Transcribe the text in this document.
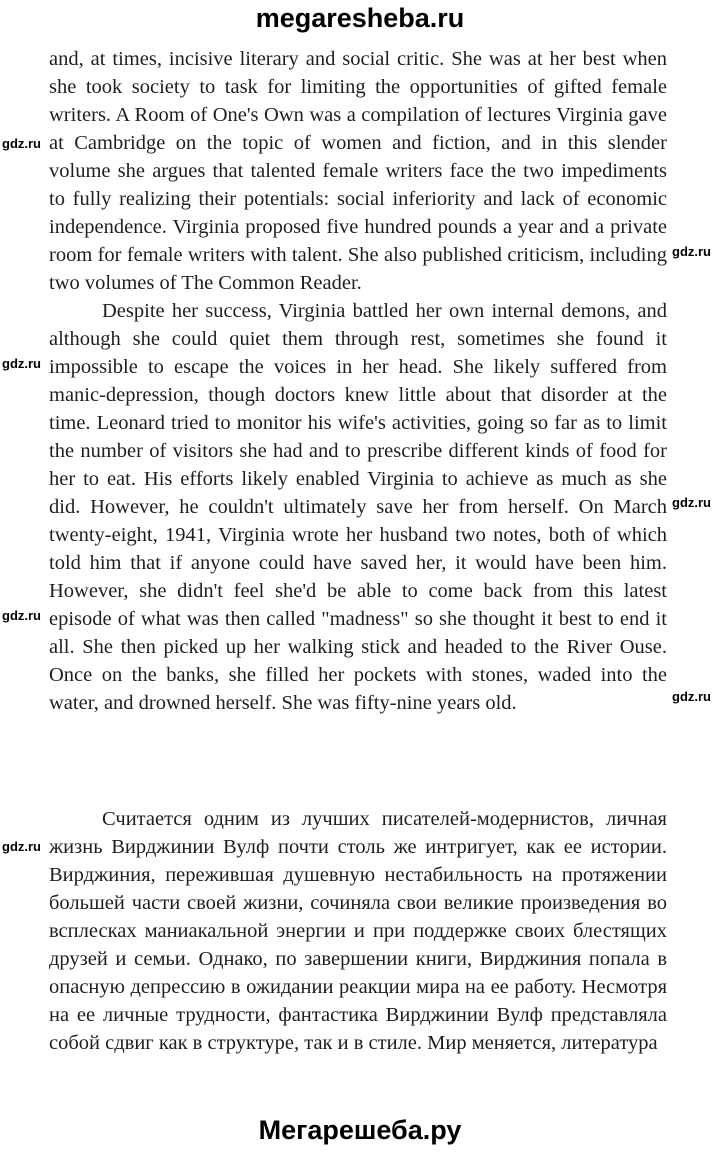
megaresheba.ru

and, at times, incisive literary and social critic. She was at her best when she took society to task for limiting the opportunities of gifted female writers. A Room of One's Own was a compilation of lectures Virginia gave at Cambridge on the topic of women and fiction, and in this slender volume she argues that talented female writers face the two impediments to fully realizing their potentials: social inferiority and lack of economic independence. Virginia proposed five hundred pounds a year and a private room for female writers with talent. She also published criticism, including two volumes of The Common Reader.

Despite her success, Virginia battled her own internal demons, and although she could quiet them through rest, sometimes she found it impossible to escape the voices in her head. She likely suffered from manic-depression, though doctors knew little about that disorder at the time. Leonard tried to monitor his wife's activities, going so far as to limit the number of visitors she had and to prescribe different kinds of food for her to eat. His efforts likely enabled Virginia to achieve as much as she did. However, he couldn't ultimately save her from herself. On March twenty-eight, 1941, Virginia wrote her husband two notes, both of which told him that if anyone could have saved her, it would have been him. However, she didn't feel she'd be able to come back from this latest episode of what was then called "madness" so she thought it best to end it all. She then picked up her walking stick and headed to the River Ouse. Once on the banks, she filled her pockets with stones, waded into the water, and drowned herself. She was fifty-nine years old.

Считается одним из лучших писателей-модернистов, личная жизнь Вирджинии Вулф почти столь же интригует, как ее истории. Вирджиния, пережившая душевную нестабильность на протяжении большей части своей жизни, сочиняла свои великие произведения во всплесках маниакальной энергии и при поддержке своих блестящих друзей и семьи. Однако, по завершении книги, Вирджиния попала в опасную депрессию в ожидании реакции мира на ее работу. Несмотря на ее личные трудности, фантастика Вирджинии Вулф представляла собой сдвиг как в структуре, так и в стиле. Мир меняется, литература

gdz.ru
gdz.ru
gdz.ru
gdz.ru
gdz.ru
gdz.ru
gdz.ru
Мегарешеба.ру
